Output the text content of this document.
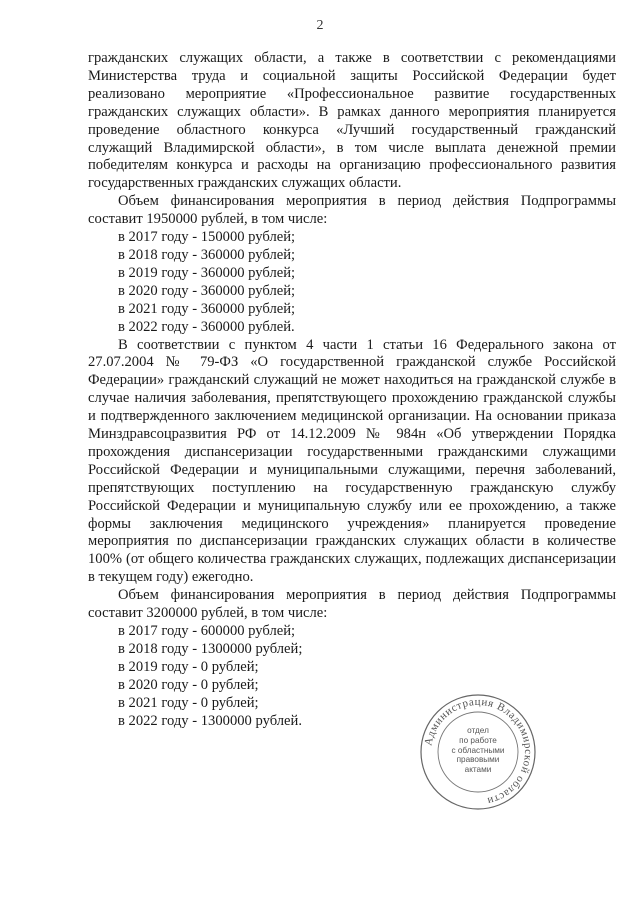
2

гражданских служащих области, а также в соответствии с рекомендациями Министерства труда и социальной защиты Российской Федерации будет реализовано мероприятие «Профессиональное развитие государственных гражданских служащих области». В рамках данного мероприятия планируется проведение областного конкурса «Лучший государственный гражданский служащий Владимирской области», в том числе выплата денежной премии победителям конкурса и расходы на организацию профессионального развития государственных гражданских служащих области.

Объем финансирования мероприятия в период действия Подпрограммы составит 1950000 рублей, в том числе:

в 2017 году - 150000 рублей;

в 2018 году - 360000 рублей;

в 2019 году - 360000 рублей;

в 2020 году - 360000 рублей;

в 2021 году - 360000 рублей;

в 2022 году - 360000 рублей.

В соответствии с пунктом 4 части 1 статьи 16 Федерального закона от 27.07.2004 № 79-ФЗ «О государственной гражданской службе Российской Федерации» гражданский служащий не может находиться на гражданской службе в случае наличия заболевания, препятствующего прохождению гражданской службы и подтвержденного заключением медицинской организации. На основании приказа Минздравсоцразвития РФ от 14.12.2009 № 984н «Об утверждении Порядка прохождения диспансеризации государственными гражданскими служащими Российской Федерации и муниципальными служащими, перечня заболеваний, препятствующих поступлению на государственную гражданскую службу Российской Федерации и муниципальную службу или ее прохождению, а также формы заключения медицинского учреждения» планируется проведение мероприятия по диспансеризации гражданских служащих области в количестве 100% (от общего количества гражданских служащих, подлежащих диспансеризации в текущем году) ежегодно.

Объем финансирования мероприятия в период действия Подпрограммы составит 3200000 рублей, в том числе:

в 2017 году - 600000 рублей;

в 2018 году - 1300000 рублей;

в 2019 году - 0 рублей;

в 2020 году - 0 рублей;

в 2021 году - 0 рублей;

в 2022 году - 1300000 рублей.

Администрация Владимирской области
отдел
по работе
с областными
правовыми
актами
